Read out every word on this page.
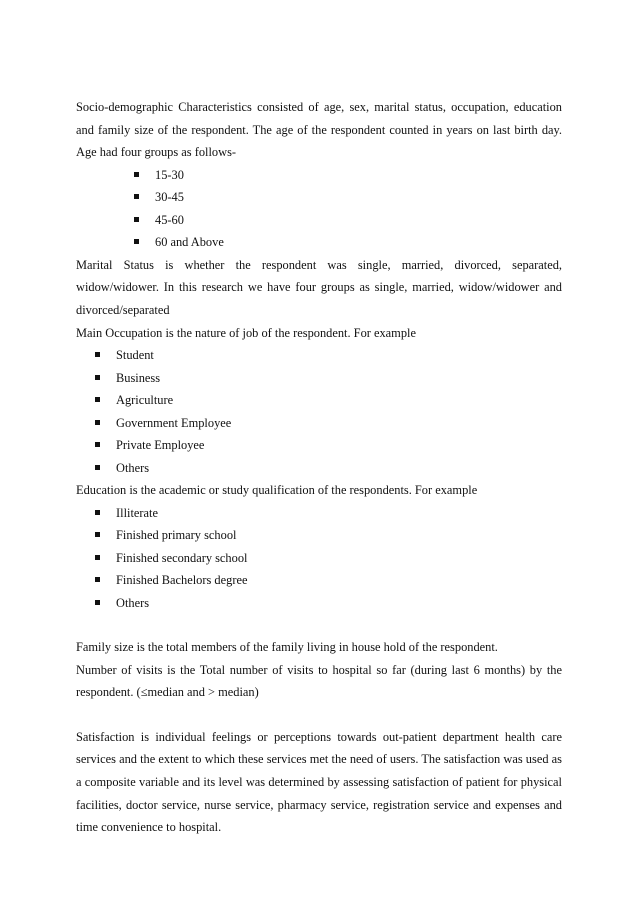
Socio-demographic Characteristics consisted of age, sex, marital status, occupation, education and family size of the respondent. The age of the respondent counted in years on last birth day. Age had four groups as follows-

15-30
30-45
45-60
60 and Above

Marital Status is whether the respondent was single, married, divorced, separated, widow/widower. In this research we have four groups as single, married, widow/widower and divorced/separated

Main Occupation is the nature of job of the respondent. For example

Student
Business
Agriculture
Government Employee
Private Employee
Others

Education is the academic or study qualification of the respondents. For example

Illiterate
Finished primary school
Finished secondary school
Finished Bachelors degree
Others

Family size is the total members of the family living in house hold of the respondent.

Number of visits is the Total number of visits to hospital so far (during last 6 months) by the respondent. (≤median and > median)

Satisfaction is individual feelings or perceptions towards out-patient department health care services and the extent to which these services met the need of users. The satisfaction was used as a composite variable and its level was determined by assessing satisfaction of patient for physical facilities, doctor service, nurse service, pharmacy service, registration service and expenses and time convenience to hospital.
